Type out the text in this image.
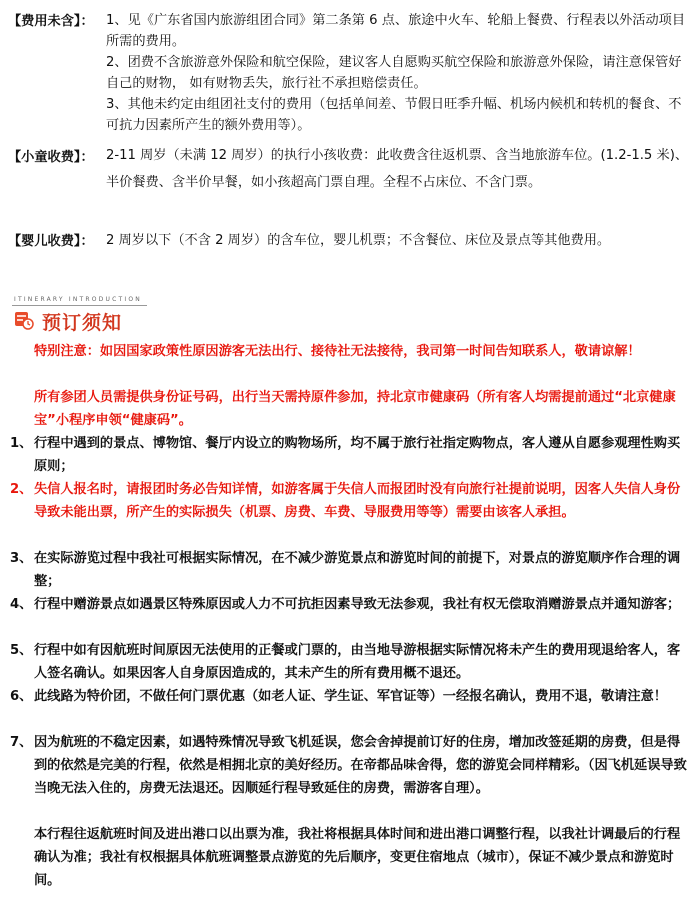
【费用未含】： 1、见《广东省国内旅游组团合同》第二条第 6 点、旅途中火车、轮船上餐费、行程表以外活动项目所需的费用。

2、团费不含旅游意外保险和航空保险，建议客人自愿购买航空保险和旅游意外保险，请注意保管好自己的财物， 如有财物丢失，旅行社不承担赔偿责任。

3、其他未约定由组团社支付的费用（包括单间差、节假日旺季升幅、机场内候机和转机的餐食、不可抗力因素所产生的额外费用等）。

【小童收费】： 2-11 周岁（未满 12 周岁）的执行小孩收费：此收费含往返机票、含当地旅游车位。(1.2-1.5 米)、半价餐费、含半价早餐，如小孩超高门票自理。全程不占床位、不含门票。
【婴儿收费】： 2 周岁以下（不含 2 周岁）的含车位，婴儿机票；不含餐位、床位及景点等其他费用。
ITINERARY INTRODUCTION
预订须知
特别注意：如因国家政策性原因游客无法出行、接待社无法接待，我司第一时间告知联系人，敬请谅解！
所有参团人员需提供身份证号码，出行当天需持原件参加，持北京市健康码（所有客人均需提前通过“北京健康宝”小程序申领“健康码”。
1、 行程中遇到的景点、博物馆、餐厅内设立的购物场所，均不属于旅行社指定购物点，客人遵从自愿参观理性购买原则；
2、 失信人报名时，请报团时务必告知详情，如游客属于失信人而报团时没有向旅行社提前说明，因客人失信人身份导致未能出票，所产生的实际损失（机票、房费、车费、导服费用等等）需要由该客人承担。
3、 在实际游览过程中我社可根据实际情况，在不减少游览景点和游览时间的前提下，对景点的游览顺序作合理的调整；
4、 行程中赠游景点如遇景区特殊原因或人力不可抗拒因素导致无法参观，我社有权无偿取消赠游景点并通知游客；
5、 行程中如有因航班时间原因无法使用的正餐或门票的，由当地导游根据实际情况将未产生的费用现退给客人，客人签名确认。如果因客人自身原因造成的，其未产生的所有费用概不退还。
6、 此线路为特价团，不做任何门票优惠（如老人证、学生证、军官证等）一经报名确认，费用不退，敬请注意！
7、 因为航班的不稳定因素，如遇特殊情况导致飞机延误，您会舍掉提前订好的住房，增加改签延期的房费，但是得到的依然是完美的行程，依然是相拥北京的美好经历。在帝都品味舍得，您的游览会同样精彩。（因飞机延误导致当晚无法入住的，房费无法退还。因顺延行程导致延住的房费，需游客自理）。
本行程往返航班时间及进出港口以出票为准，我社将根据具体时间和进出港口调整行程，以我社计调最后的行程确认为准；我社有权根据具体航班调整景点游览的先后顺序，变更住宿地点（城市），保证不减少景点和游览时间。
